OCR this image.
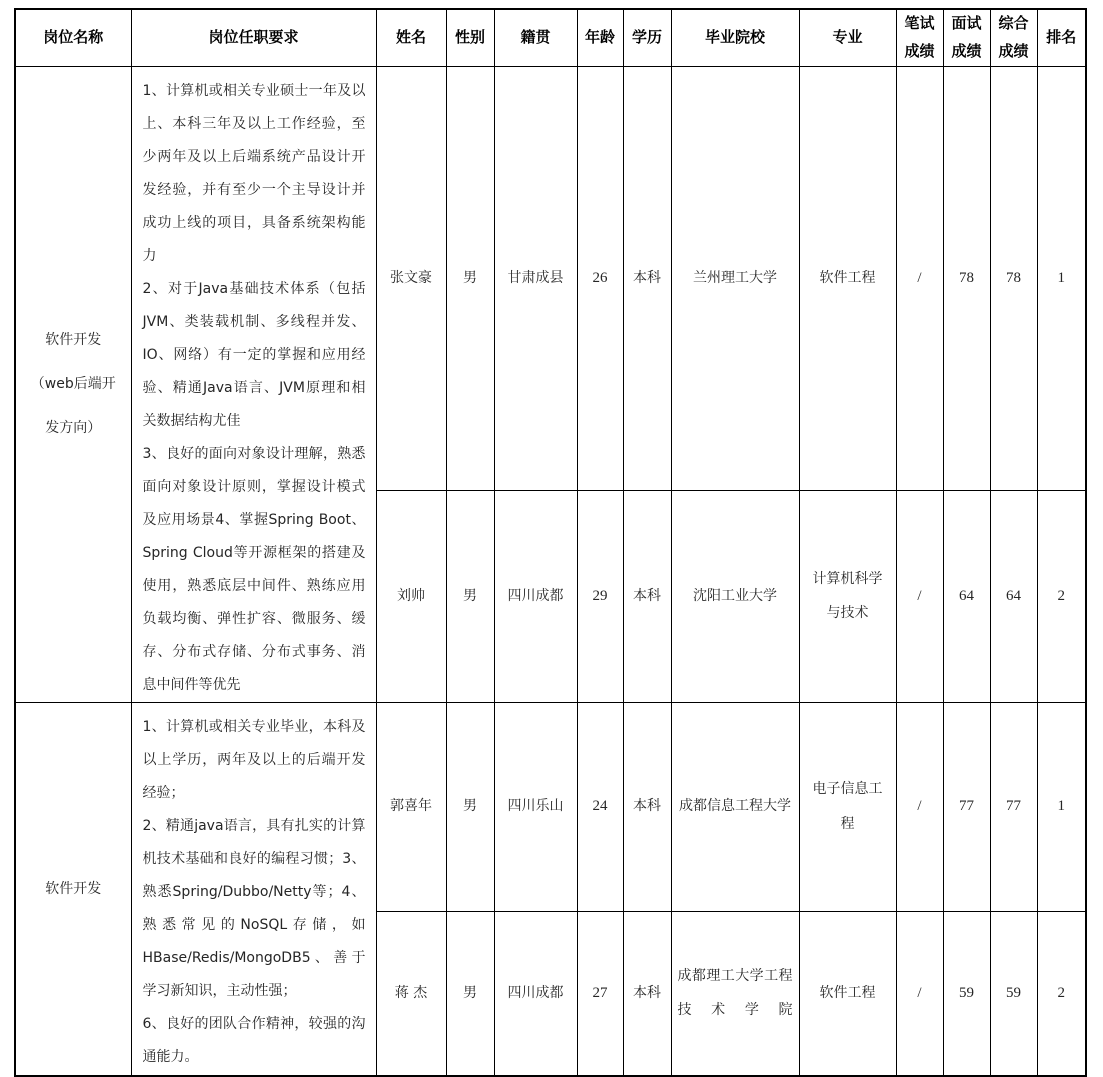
岗位名称	岗位任职要求	姓名	性别	籍贯	年龄	学历	毕业院校	专业	笔试成绩	面试成绩	综合成绩	排名
软件开发（web后端开发方向）	1、计算机或相关专业硕士一年及以上、本科三年及以上工作经验，至少两年及以上后端系统产品设计开发经验，并有至少一个主导设计并成功上线的项目，具备系统架构能力

2、对于Java基础技术体系（包括JVM、类装载机制、多线程并发、IO、网络）有一定的掌握和应用经验、精通Java语言、JVM原理和相关数据结构尤佳

3、良好的面向对象设计理解，熟悉面向对象设计原则，掌握设计模式及应用场景4、掌握Spring Boot、Spring Cloud等开源框架的搭建及使用，熟悉底层中间件、熟练应用负载均衡、弹性扩容、微服务、缓存、分布式存储、分布式事务、消息中间件等优先	张文豪	男	甘肃成县	26	本科	兰州理工大学	软件工程	/	78	78	1
		刘帅	男	四川成都	29	本科	沈阳工业大学	计算机科学与技术	/	64	64	2
软件开发	1、计算机或相关专业毕业，本科及以上学历，两年及以上的后端开发经验；

2、精通java语言，具有扎实的计算机技术基础和良好的编程习惯；3、熟悉Spring/Dubbo/Netty等；4、熟悉常见的NoSQL存储，如HBase/Redis/MongoDB5、善于学习新知识，主动性强；

6、良好的团队合作精神，较强的沟通能力。	郭喜年	男	四川乐山	24	本科	成都信息工程大学	电子信息工程	/	77	77	1
		蒋 杰	男	四川成都	27	本科	成都理工大学工程技术学院	软件工程	/	59	59	2
